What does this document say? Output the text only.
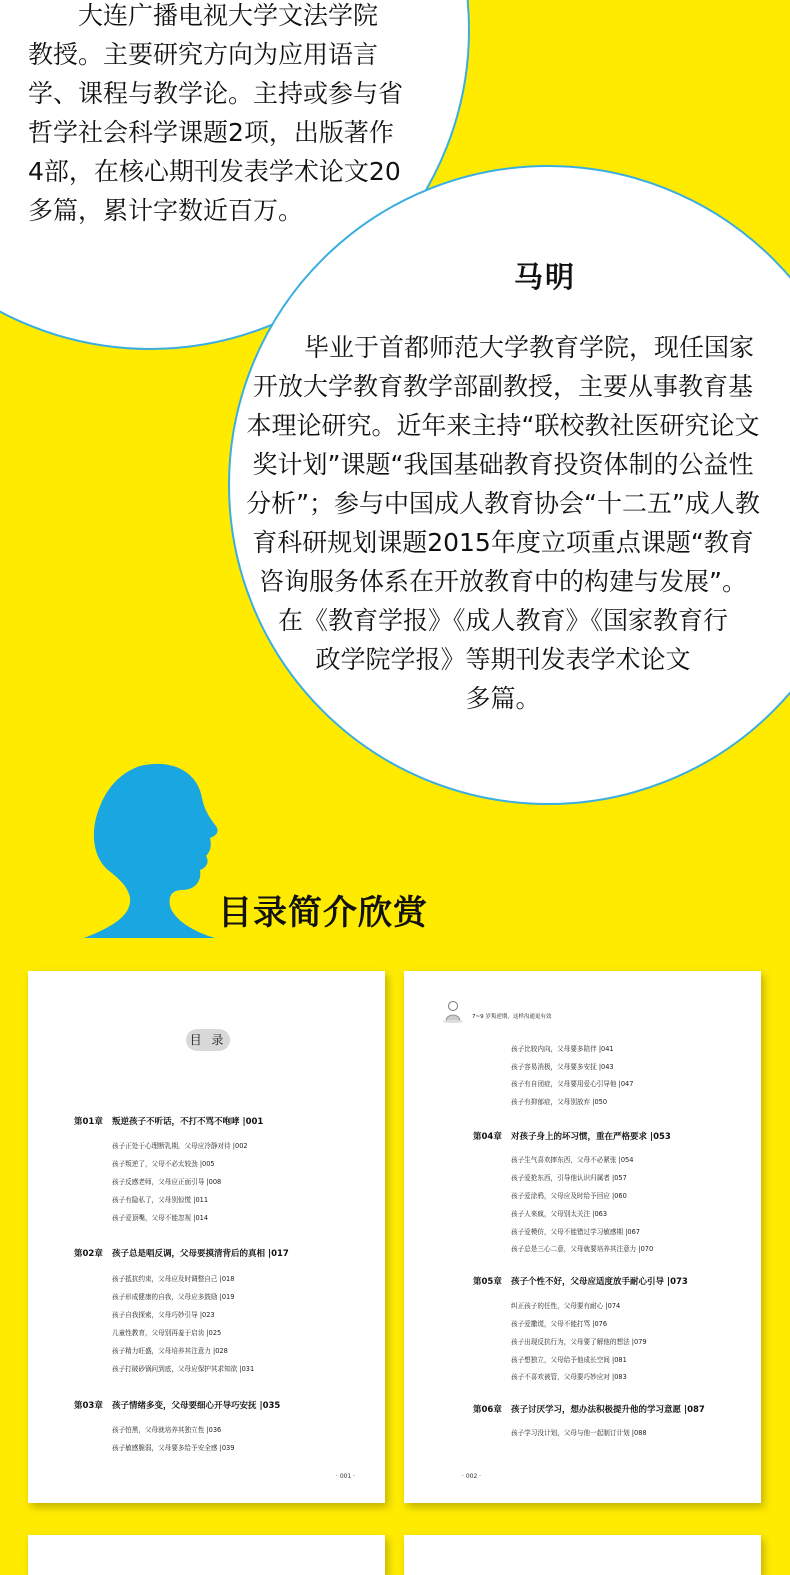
大连广播电视大学文法学院
教授。主要研究方向为应用语言
学、课程与教学论。主持或参与省
哲学社会科学课题2项，出版著作
4部，在核心期刊发表学术论文20
多篇，累计字数近百万。
马明
毕业于首都师范大学教育学院，现任国家
开放大学教育教学部副教授，主要从事教育基
本理论研究。近年来主持“联校教社医研究论文
奖计划”课题“我国基础教育投资体制的公益性
分析”；参与中国成人教育协会“十二五”成人教
育科研规划课题2015年度立项重点课题“教育
咨询服务体系在开放教育中的构建与发展”。
在《教育学报》《成人教育》《国家教育行
政学院学报》等期刊发表学术论文
多篇。
目录简介欣赏
目 录
第01章 叛逆孩子不听话，不打不骂不咆哮 |001
孩子正处于心理断乳期，父母应冷静对待 |002
孩子叛逆了，父母不必太较劲 |005
孩子反感老师，父母应正面引导 |008
孩子有隐私了，父母别惊慌 |011
孩子爱顶嘴，父母不能忽视 |014
第02章 孩子总是唱反调，父母要摸清背后的真相 |017
孩子抵抗约束，父母应及时调整自己 |018
孩子形成健康的自我，父母应多鼓励 |019
孩子自我探索，父母巧妙引导 |023
儿童性教育，父母别再羞于启齿 |025
孩子精力旺盛，父母培养其注意力 |028
孩子打破砂锅问到底，父母应保护其求知欲 |031
第03章 孩子情绪多变，父母要细心开导巧安抚 |035
孩子怕黑，父母就培养其独立性 |036
孩子敏感脆弱，父母要多给予安全感 |039
· 001 ·
7~9 岁叛逆期，这样沟通更有效
孩子比较内向，父母要多陪伴 |041
孩子容易消极，父母要多安抚 |043
孩子有自闭症，父母要用爱心引导他 |047
孩子有抑郁症，父母别放弃 |050
第04章 对孩子身上的坏习惯，重在严格要求 |053
孩子生气喜欢摔东西，父母不必紧张 |054
孩子爱抢东西，引导他认识归属者 |057
孩子爱涂鸦，父母应及时给予回应 |060
孩子人来疯，父母别太关注 |063
孩子爱模仿，父母不能错过学习敏感期 |067
孩子总是三心二意，父母就要培养其注意力 |070
第05章 孩子个性不好，父母应适度放手耐心引导 |073
纠正孩子的任性，父母要有耐心 |074
孩子爱撒谎，父母不能打骂 |076
孩子出现反抗行为，父母要了解他的想法 |079
孩子想独立，父母给予他成长空间 |081
孩子不喜欢被管，父母要巧妙应对 |083
第06章 孩子讨厌学习，想办法积极提升他的学习意愿 |087
孩子学习没计划，父母与他一起制订计划 |088
· 002 ·
